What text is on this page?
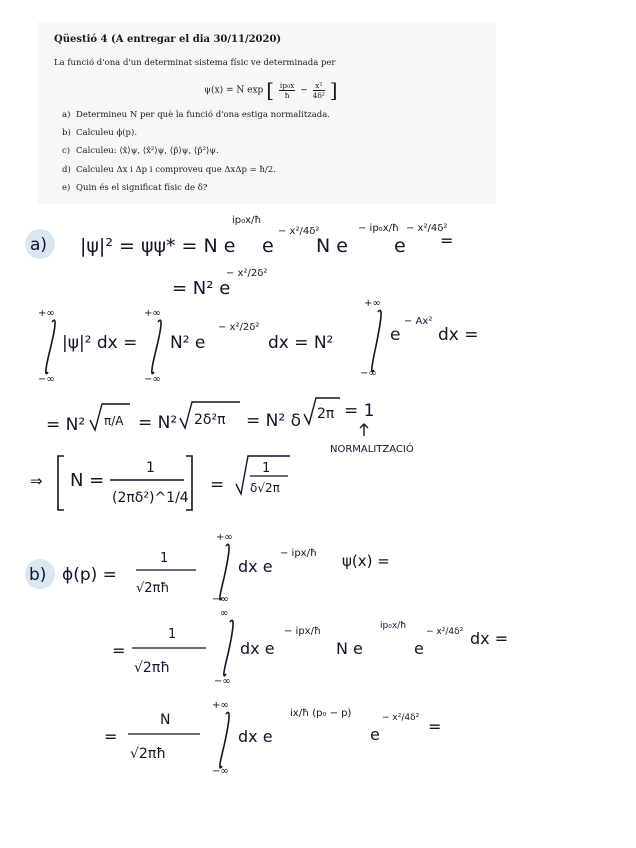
Qüestió 4 (A entregar el dia 30/11/2020)
La funció d'ona d'un determinat sistema físic ve determinada per
ψ(x) = N exp [ $\frac{\text{ip₀x}}{ħ} - \frac{\text{x²}}{\text{4δ²}}$ ]
a) Determineu N per què la funció d'ona estiga normalitzada.
b) Calculeu ϕ(p).
c) Calculeu: ⟨x̂⟩ψ, ⟨x̂²⟩ψ, ⟨p̂⟩ψ, ⟨p̂²⟩ψ.
d) Calculeu Δx i Δp i comproveu que ΔxΔp = ħ/2.
e) Quin és el significat físic de δ?
a) |ψ|² = ψψ* = N e
ip₀x/ħ
e
− x²/4δ²
N e
− ip₀x/ħ
e
− x²/4δ²
=
= N² e
− x²/2δ²
+∞
−∞
|ψ|² dx =
+∞
−∞
N² e
− x²/2δ²
dx = N²
+∞
−∞
e
− Ax²
dx =
= N² π/A = N² 2δ²π = N² δ 2π = 1
NORMALITZACIÓ
⇒ N =
1
(2πδ²)^1/4
=
1
δ√2π
b) ϕ(p) =
1
√2πħ
+∞
−∞
dx e
− ipx/ħ ψ(x) =
=
1
√2πħ
∞
−∞
dx e
− ipx/ħ
N e
ip₀x/ħ
e
− x²/4δ² dx =
=
N
√2πħ
+∞
−∞
dx e
ix/ħ (p₀ − p)
e
− x²/4δ² =
